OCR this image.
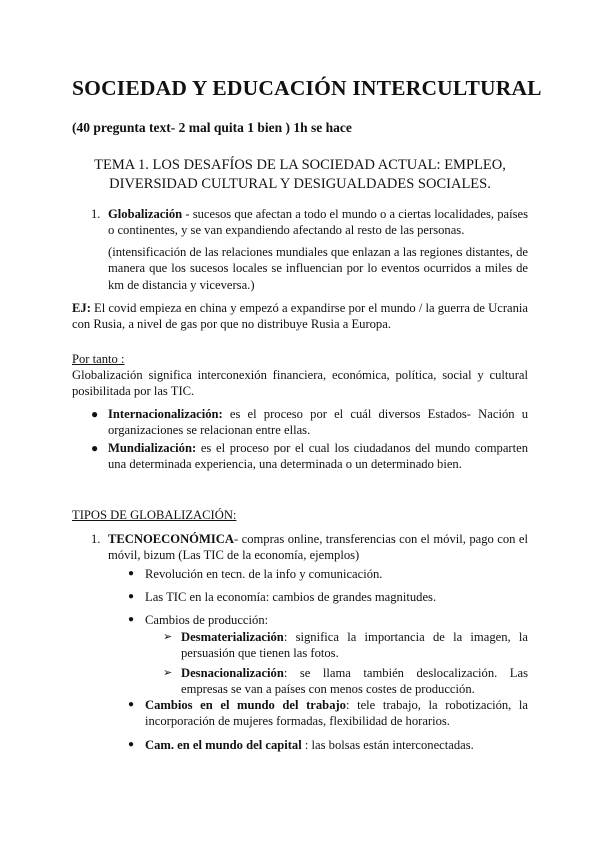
SOCIEDAD Y EDUCACIÓN INTERCULTURAL
(40 pregunta text- 2 mal quita 1 bien ) 1h se hace
TEMA 1. LOS DESAFÍOS DE LA SOCIEDAD ACTUAL: EMPLEO,
DIVERSIDAD CULTURAL Y DESIGUALDADES SOCIALES.
1. Globalización - sucesos que afectan a todo el mundo o a ciertas localidades, países o continentes, y se van expandiendo afectando al resto de las personas.
(intensificación de las relaciones mundiales que enlazan a las regiones distantes, de manera que los sucesos locales se influencian por lo eventos ocurridos a miles de km de distancia y viceversa.)
EJ: El covid empieza en china y empezó a expandirse por el mundo / la guerra de Ucrania con Rusia, a nivel de gas por que no distribuye Rusia a Europa.
Por tanto :
Globalización significa interconexión financiera, económica, política, social y cultural posibilitada por las TIC.
● Internacionalización: es el proceso por el cuál diversos Estados- Nación u organizaciones se relacionan entre ellas.
● Mundialización: es el proceso por el cual los ciudadanos del mundo comparten una determinada experiencia, una determinada o un determinado bien.
TIPOS DE GLOBALIZACIÓN:
1. TECNOECONÓMICA- compras online, transferencias con el móvil, pago con el móvil, bizum (Las TIC de la economía, ejemplos)
● Revolución en tecn. de la info y comunicación.
● Las TIC en la economía: cambios de grandes magnitudes.
● Cambios de producción:
➢ Desmaterialización: significa la importancia de la imagen, la persuasión que tienen las fotos.
➢ Desnacionalización: se llama también deslocalización. Las empresas se van a países con menos costes de producción.
● Cambios en el mundo del trabajo: tele trabajo, la robotización, la incorporación de mujeres formadas, flexibilidad de horarios.
● Cam. en el mundo del capital : las bolsas están interconectadas.
